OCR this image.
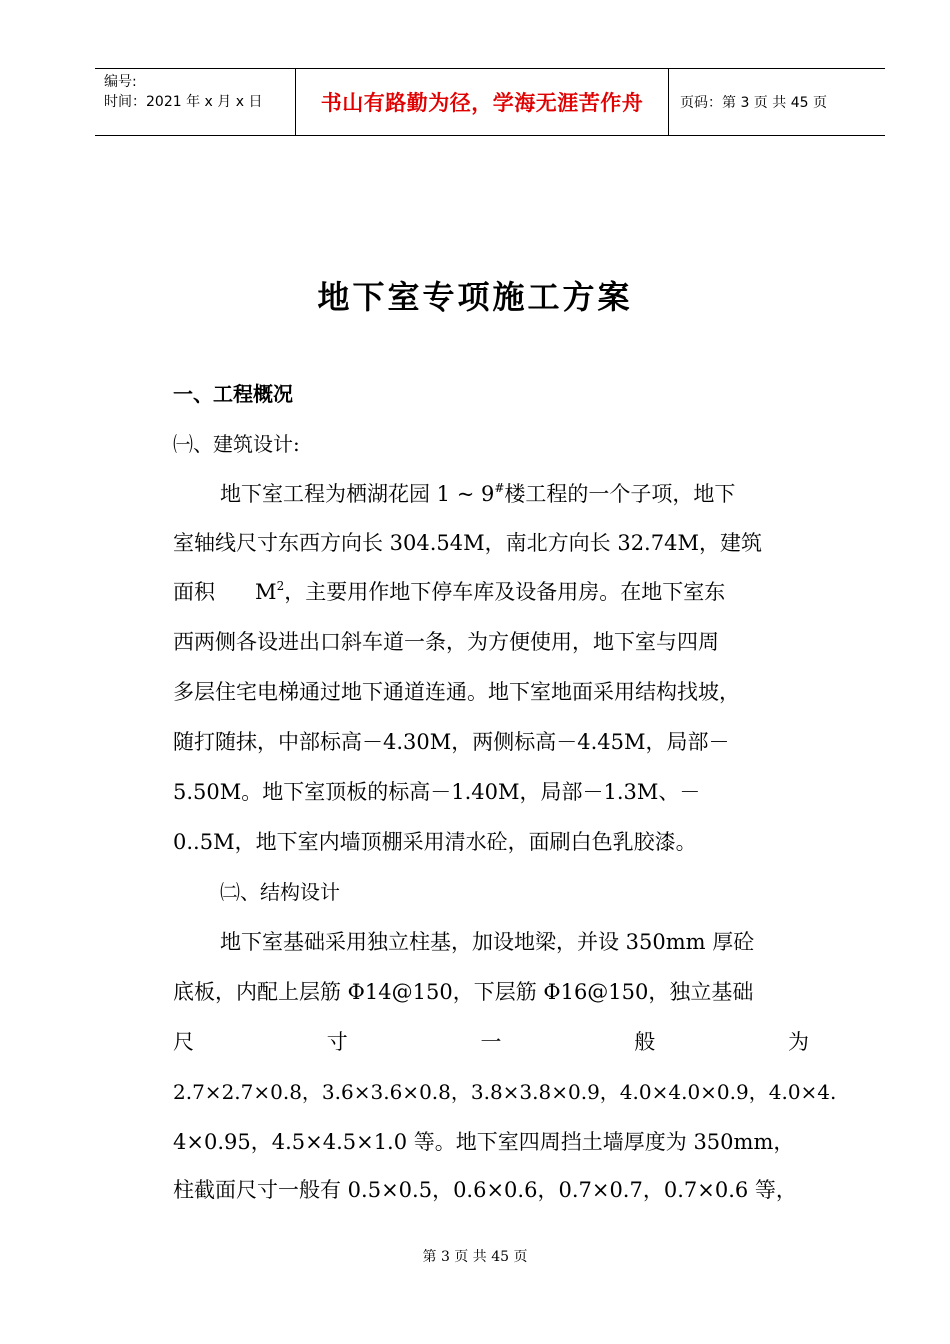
编号:
时间：2021 年 x 月 x 日	书山有路勤为径，学海无涯苦作舟	页码：第 3 页 共 45 页
地下室专项施工方案
一、工程概况
㈠、建筑设计:
地下室工程为栖湖花园 1 ~ 9#楼工程的一个子项，地下
室轴线尺寸东西方向长 304.54M，南北方向长 32.74M，建筑
面积      $M^2$，主要用作地下停车库及设备用房。在地下室东
西两侧各设进出口斜车道一条，为方便使用，地下室与四周
多层住宅电梯通过地下通道连通。地下室地面采用结构找坡，
随打随抹，中部标高－4.30M，两侧标高－4.45M，局部－
5.50M。地下室顶板的标高－1.40M，局部－1.3M、－
0..5M，地下室内墙顶棚采用清水砼，面刷白色乳胶漆。
㈡、结构设计
地下室基础采用独立柱基，加设地梁，并设 350mm 厚砼
底板，内配上层筋 Φ14@150，下层筋 Φ16@150，独立基础
尺	寸	一	般	为
2.7×2.7×0.8，3.6×3.6×0.8，3.8×3.8×0.9，4.0×4.0×0.9，4.0×4.
4×0.95，4.5×4.5×1.0 等。地下室四周挡土墙厚度为 350mm，
柱截面尺寸一般有 0.5×0.5，0.6×0.6，0.7×0.7，0.7×0.6 等，
第 3 页 共 45 页
